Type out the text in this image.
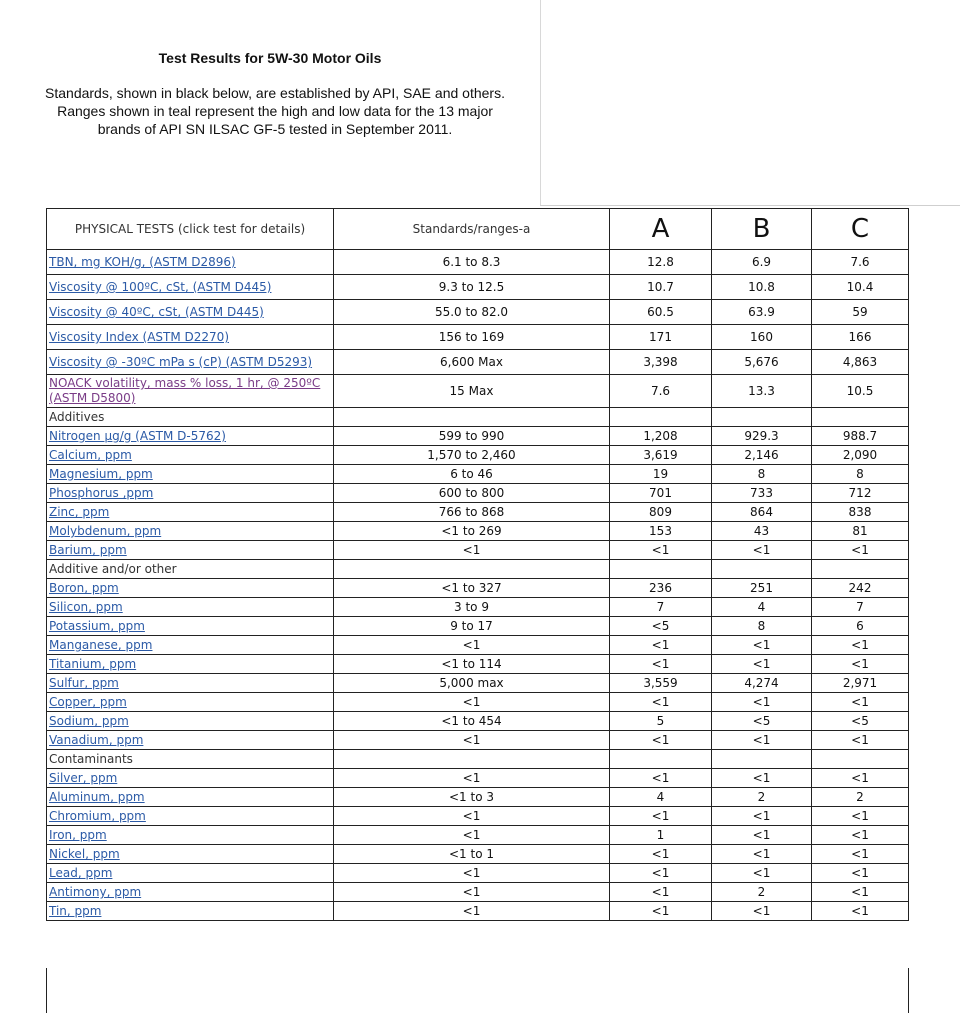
Test Results for 5W-30 Motor Oils
Standards, shown in black below, are established by API, SAE and others. Ranges shown in teal represent the high and low data for the 13 major brands of API SN ILSAC GF-5 tested in September 2011.
PHYSICAL TESTS (click test for details)	Standards/ranges-a	A	B	C
TBN, mg KOH/g, (ASTM D2896)	6.1 to 8.3	12.8	6.9	7.6
Viscosity @ 100ºC, cSt, (ASTM D445)	9.3 to 12.5	10.7	10.8	10.4
Viscosity @ 40ºC, cSt, (ASTM D445)	55.0 to 82.0	60.5	63.9	59
Viscosity Index (ASTM D2270)	156 to 169	171	160	166
Viscosity @ -30ºC mPa s (cP) (ASTM D5293)	6,600 Max	3,398	5,676	4,863
NOACK volatility, mass % loss, 1 hr, @ 250ºC (ASTM D5800)	15 Max	7.6	13.3	10.5
Additives				
Nitrogen µg/g (ASTM D-5762)	599 to 990	1,208	929.3	988.7
Calcium, ppm	1,570 to 2,460	3,619	2,146	2,090
Magnesium, ppm	6 to 46	19	8	8
Phosphorus ,ppm	600 to 800	701	733	712
Zinc, ppm	766 to 868	809	864	838
Molybdenum, ppm	<1 to 269	153	43	81
Barium, ppm	<1	<1	<1	<1
Additive and/or other				
Boron, ppm	<1 to 327	236	251	242
Silicon, ppm	3 to 9	7	4	7
Potassium, ppm	9 to 17	<5	8	6
Manganese, ppm	<1	<1	<1	<1
Titanium, ppm	<1 to 114	<1	<1	<1
Sulfur, ppm	5,000 max	3,559	4,274	2,971
Copper, ppm	<1	<1	<1	<1
Sodium, ppm	<1 to 454	5	<5	<5
Vanadium, ppm	<1	<1	<1	<1
Contaminants				
Silver, ppm	<1	<1	<1	<1
Aluminum, ppm	<1 to 3	4	2	2
Chromium, ppm	<1	<1	<1	<1
Iron, ppm	<1	1	<1	<1
Nickel, ppm	<1 to 1	<1	<1	<1
Lead, ppm	<1	<1	<1	<1
Antimony, ppm	<1	<1	2	<1
Tin, ppm	<1	<1	<1	<1
